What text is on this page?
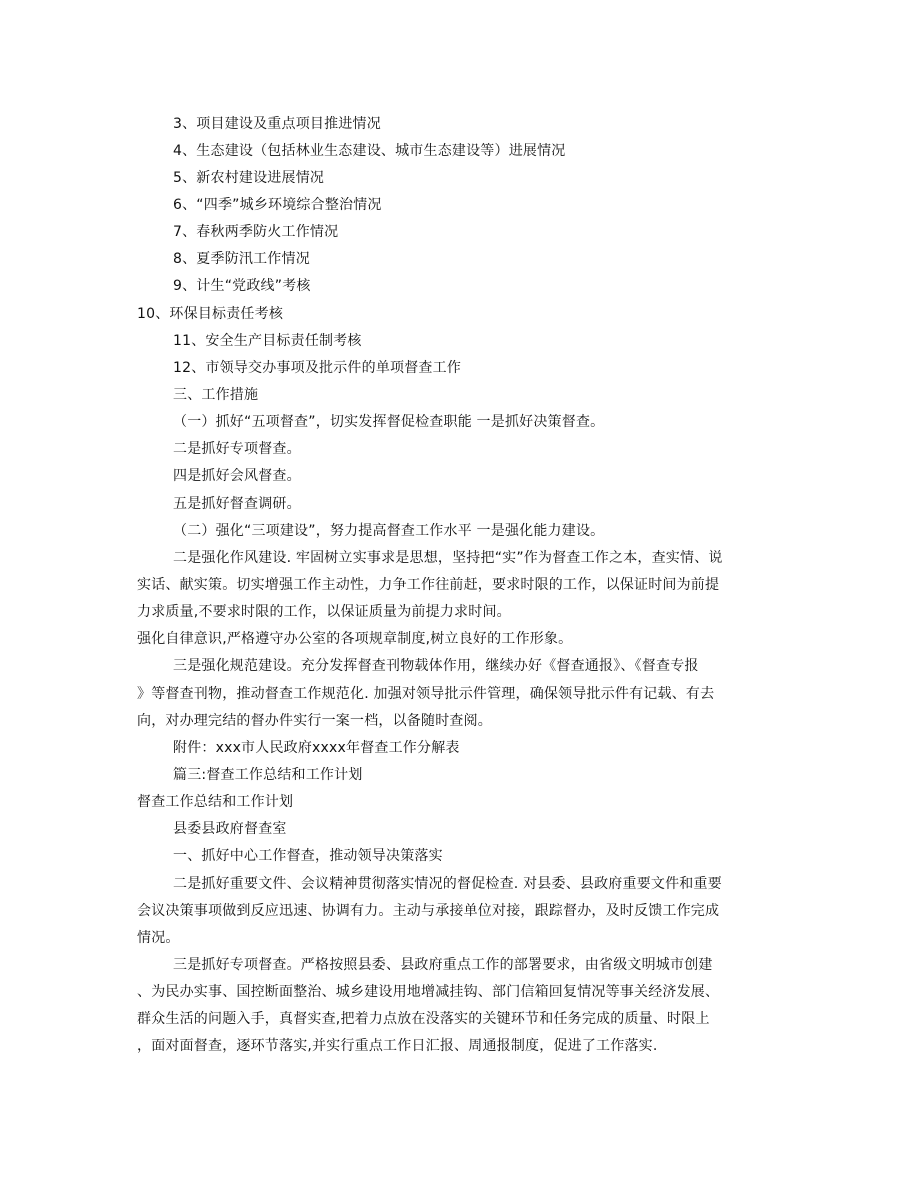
3、项目建设及重点项目推进情况
4、生态建设（包括林业生态建设、城市生态建设等）进展情况
5、新农村建设进展情况
6、“四季”城乡环境综合整治情况
7、春秋两季防火工作情况
8、夏季防汛工作情况
9、计生“党政线”考核
10、环保目标责任考核
11、安全生产目标责任制考核
12、市领导交办事项及批示件的单项督查工作
三、工作措施
（一）抓好“五项督查”，切实发挥督促检查职能 一是抓好决策督查。
二是抓好专项督查。
四是抓好会风督查。
五是抓好督查调研。
（二）强化“三项建设”，努力提高督查工作水平 一是强化能力建设。
二是强化作风建设. 牢固树立实事求是思想，坚持把“实”作为督查工作之本，查实情、说
实话、献实策。切实增强工作主动性，力争工作往前赶，要求时限的工作，以保证时间为前提
力求质量,不要求时限的工作，以保证质量为前提力求时间。
强化自律意识,严格遵守办公室的各项规章制度,树立良好的工作形象。
三是强化规范建设。充分发挥督查刊物载体作用，继续办好《督查通报》、《督查专报
》等督查刊物，推动督查工作规范化. 加强对领导批示件管理，确保领导批示件有记载、有去
向，对办理完结的督办件实行一案一档，以备随时查阅。
附件：xxx市人民政府xxxx年督查工作分解表
篇三:督查工作总结和工作计划
督查工作总结和工作计划
县委县政府督查室
一、抓好中心工作督查，推动领导决策落实
二是抓好重要文件、会议精神贯彻落实情况的督促检查. 对县委、县政府重要文件和重要
会议决策事项做到反应迅速、协调有力。主动与承接单位对接，跟踪督办，及时反馈工作完成
情况。
三是抓好专项督查。严格按照县委、县政府重点工作的部署要求，由省级文明城市创建
、为民办实事、国控断面整治、城乡建设用地增减挂钩、部门信箱回复情况等事关经济发展、
群众生活的问题入手，真督实查,把着力点放在没落实的关键环节和任务完成的质量、时限上
，面对面督查，逐环节落实,并实行重点工作日汇报、周通报制度，促进了工作落实.
